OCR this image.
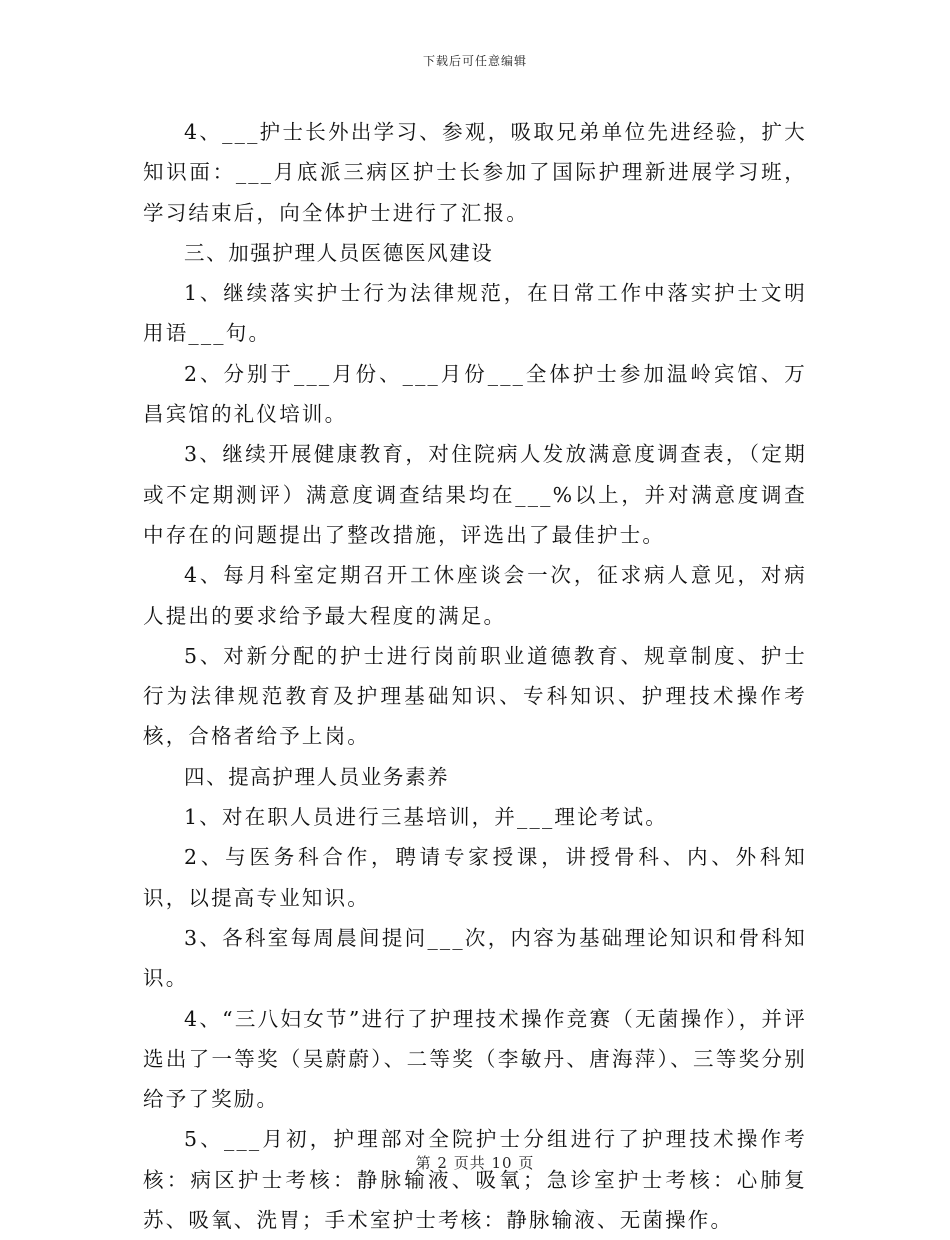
下载后可任意编辑

4、___护士长外出学习、参观，吸取兄弟单位先进经验，扩大知识面：___月底派三病区护士长参加了国际护理新进展学习班，学习结束后，向全体护士进行了汇报。

三、加强护理人员医德医风建设

1、继续落实护士行为法律规范，在日常工作中落实护士文明用语___句。

2、分别于___月份、___月份___全体护士参加温岭宾馆、万昌宾馆的礼仪培训。

3、继续开展健康教育，对住院病人发放满意度调查表，（定期或不定期测评）满意度调查结果均在___%以上，并对满意度调查中存在的问题提出了整改措施，评选出了最佳护士。

4、每月科室定期召开工休座谈会一次，征求病人意见，对病人提出的要求给予最大程度的满足。

5、对新分配的护士进行岗前职业道德教育、规章制度、护士行为法律规范教育及护理基础知识、专科知识、护理技术操作考核，合格者给予上岗。

四、提高护理人员业务素养

1、对在职人员进行三基培训，并___理论考试。

2、与医务科合作，聘请专家授课，讲授骨科、内、外科知识，以提高专业知识。

3、各科室每周晨间提问___次，内容为基础理论知识和骨科知识。

4、“三八妇女节”进行了护理技术操作竞赛（无菌操作），并评选出了一等奖（吴蔚蔚）、二等奖（李敏丹、唐海萍）、三等奖分别给予了奖励。

5、___月初，护理部对全院护士分组进行了护理技术操作考核：病区护士考核：静脉输液、吸氧；急诊室护士考核：心肺复苏、吸氧、洗胃；手术室护士考核：静脉输液、无菌操作。

第 2 页共 10 页
